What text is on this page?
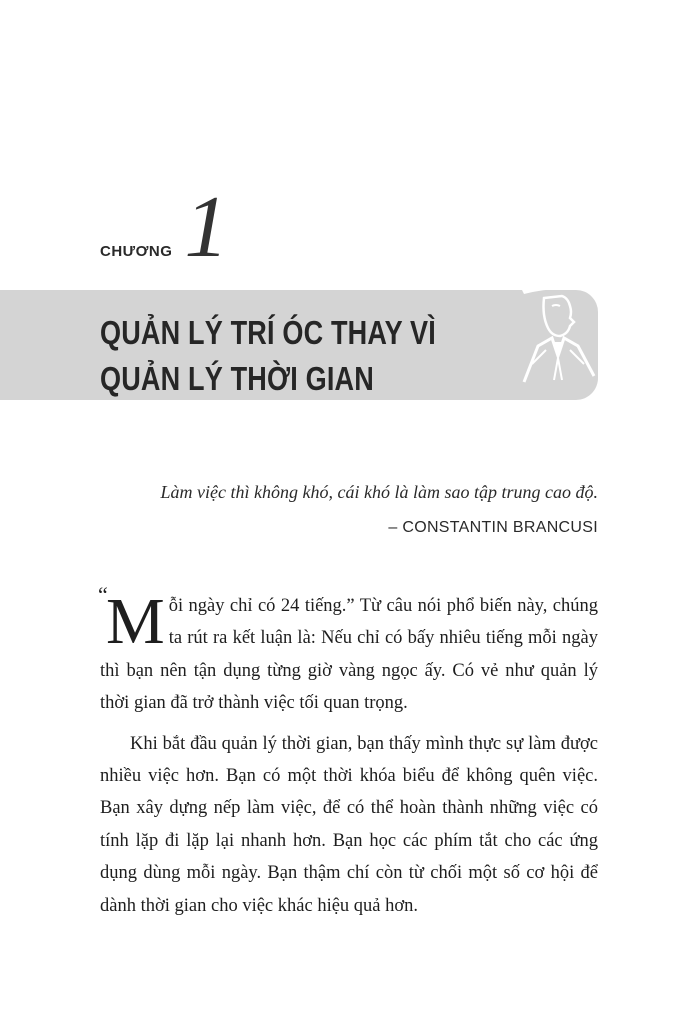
CHƯƠNG 1
QUẢN LÝ TRÍ ÓC THAY VÌ
QUẢN LÝ THỜI GIAN
Làm việc thì không khó, cái khó là làm sao tập trung cao độ.
– CONSTANTIN BRANCUSI

“
M ỗi ngày chỉ có 24 tiếng.” Từ câu nói phổ biến này, chúng ta rút ra kết luận là: Nếu chỉ có bấy nhiêu tiếng mỗi ngày thì bạn nên tận dụng từng giờ vàng ngọc ấy. Có vẻ như quản lý thời gian đã trở thành việc tối quan trọng.

Khi bắt đầu quản lý thời gian, bạn thấy mình thực sự làm được nhiều việc hơn. Bạn có một thời khóa biểu để không quên việc. Bạn xây dựng nếp làm việc, để có thể hoàn thành những việc có tính lặp đi lặp lại nhanh hơn. Bạn học các phím tắt cho các ứng dụng dùng mỗi ngày. Bạn thậm chí còn từ chối một số cơ hội để dành thời gian cho việc khác hiệu quả hơn.
